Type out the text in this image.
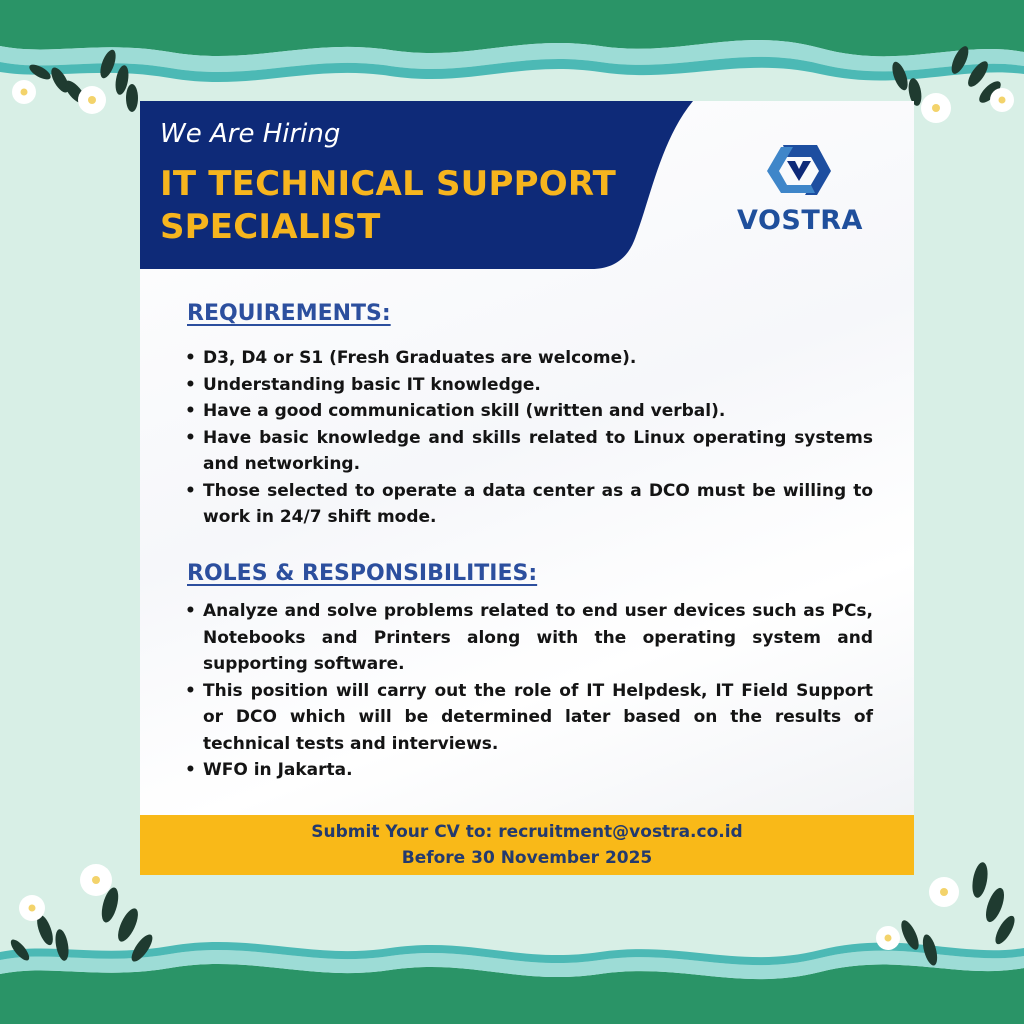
We Are Hiring
IT TECHNICAL SUPPORT SPECIALIST	VOSTRA
REQUIREMENTS:
• D3, D4 or S1 (Fresh Graduates are welcome).
• Understanding basic IT knowledge.
• Have a good communication skill (written and verbal).
• Have basic knowledge and skills related to Linux operating systems and networking.
• Those selected to operate a data center as a DCO must be willing to work in 24/7 shift mode.
ROLES & RESPONSIBILITIES:
• Analyze and solve problems related to end user devices such as PCs, Notebooks and Printers along with the operating system and supporting software.
• This position will carry out the role of IT Helpdesk, IT Field Support or DCO which will be determined later based on the results of technical tests and interviews.
• WFO in Jakarta.
Submit Your CV to: recruitment@vostra.co.id
Before 30 November 2025
